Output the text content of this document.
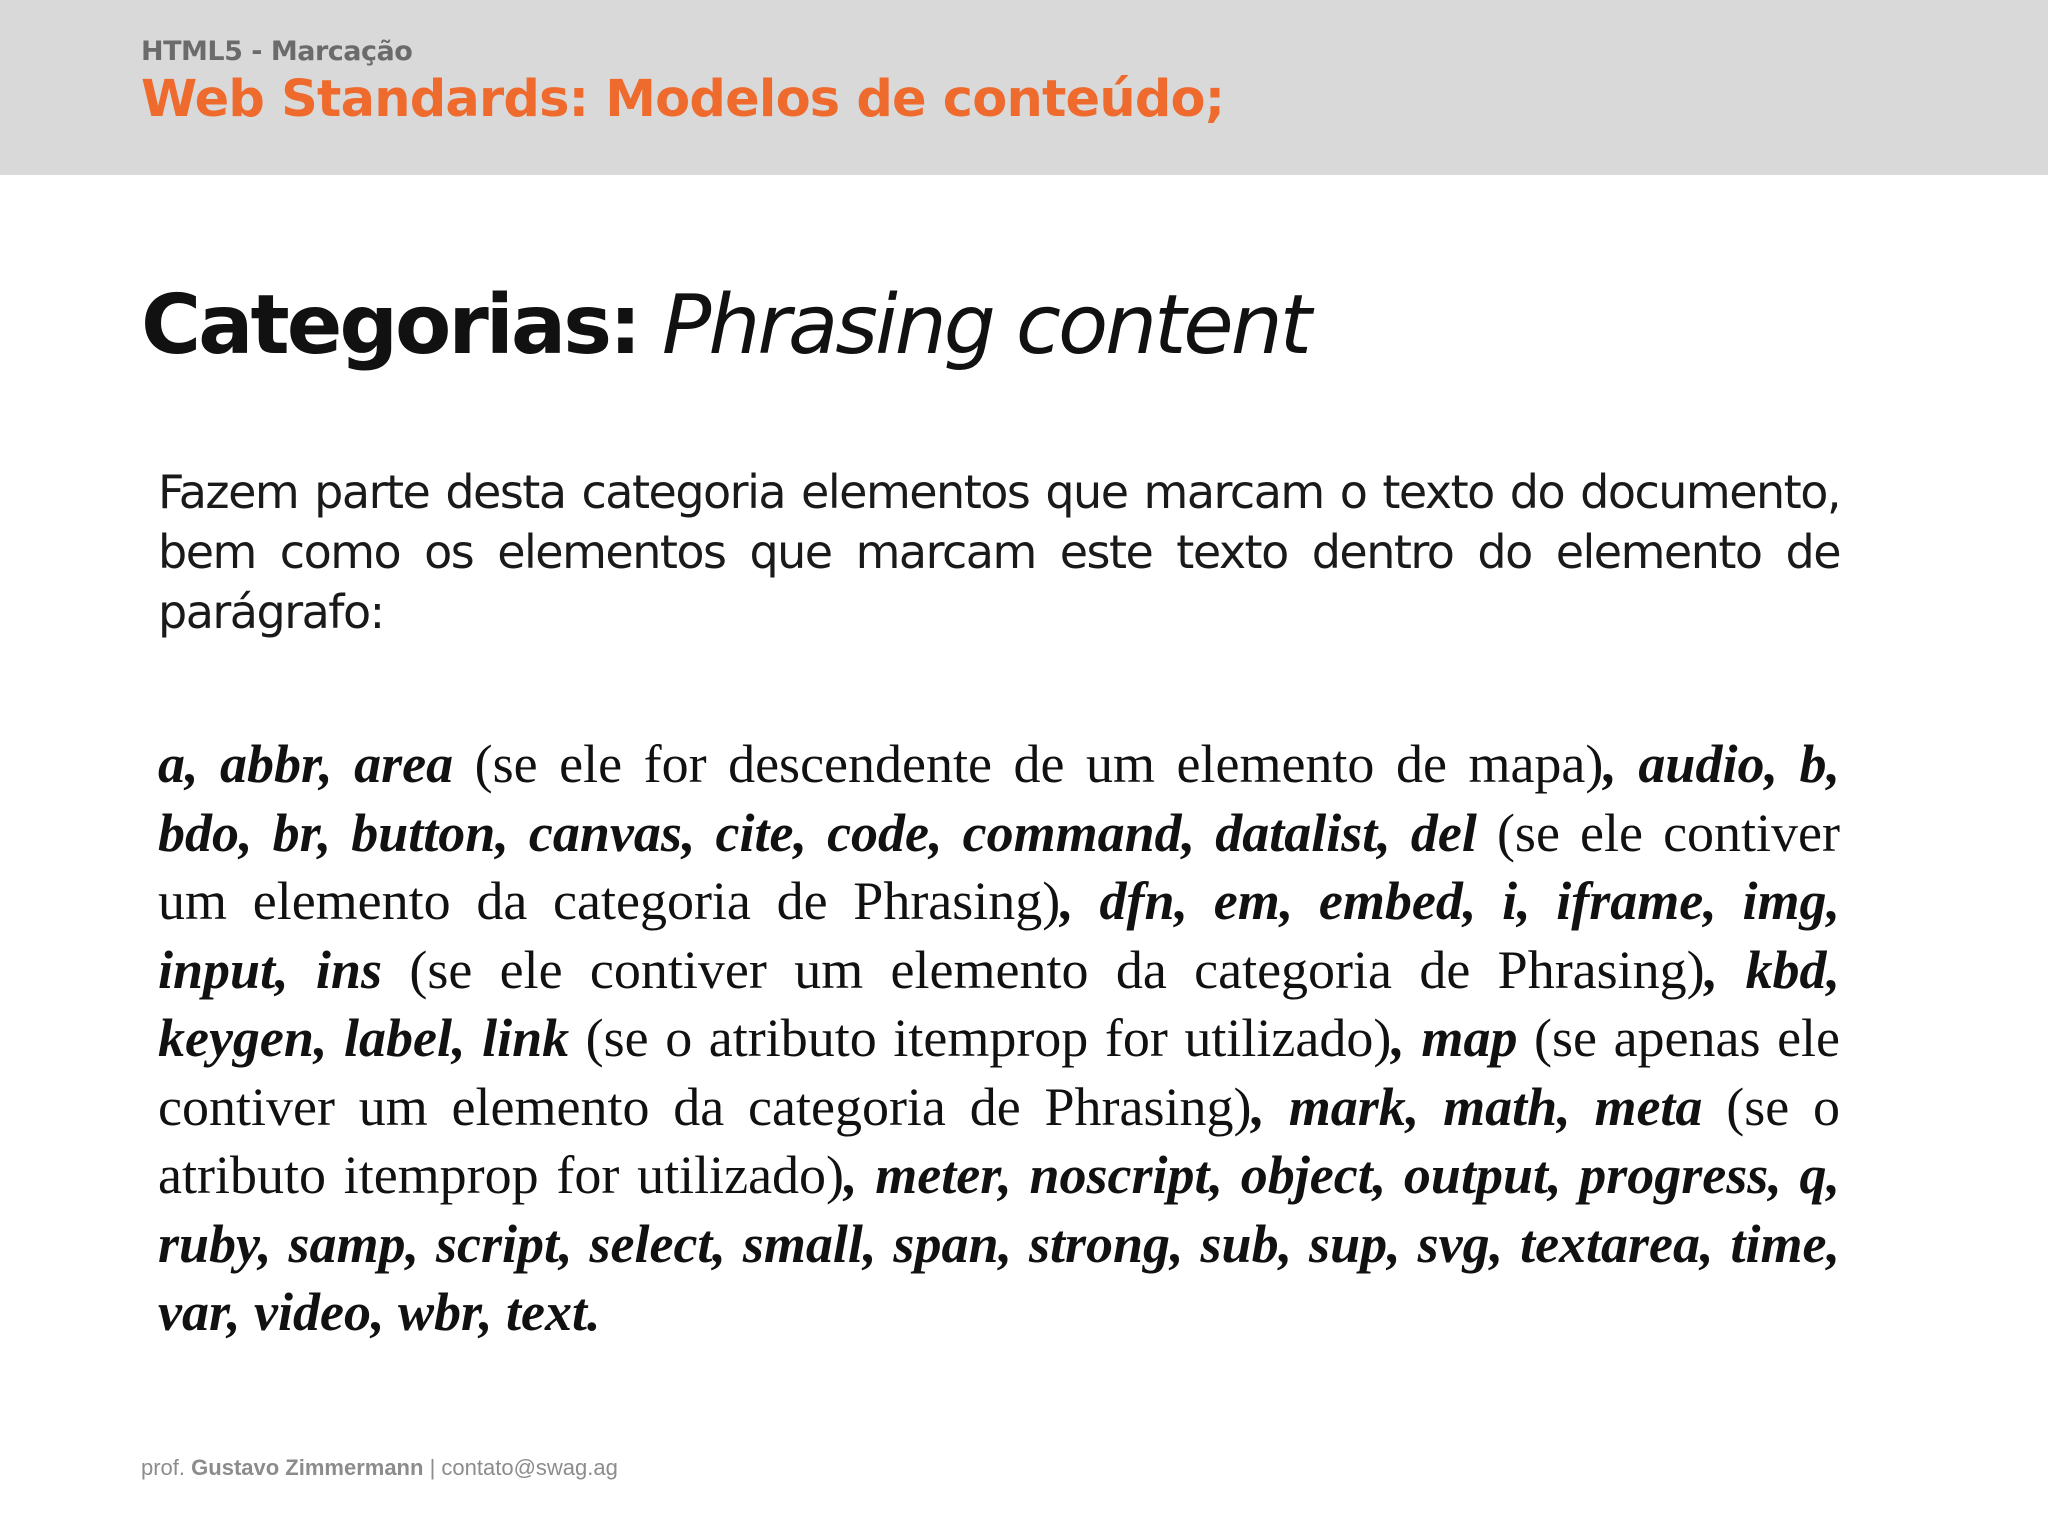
HTML5 - Marcação
Web Standards: Modelos de conteúdo;
Categorias: Phrasing content
Fazem parte desta categoria elementos que marcam o texto do documento, bem como os elementos que marcam este texto dentro do elemento de parágrafo:
a, abbr, area (se ele for descendente de um elemento de mapa), audio, b, bdo, br, button, canvas, cite, code, command, datalist, del (se ele contiver um elemento da categoria de Phrasing), dfn, em, embed, i, iframe, img, input, ins (se ele contiver um elemento da categoria de Phrasing), kbd, keygen, label, link (se o atributo itemprop for utilizado), map (se apenas ele contiver um elemento da categoria de Phrasing), mark, math, meta (se o atributo itemprop for utilizado), meter, noscript, object, output, progress, q, ruby, samp, script, select, small, span, strong, sub, sup, svg, textarea, time, var, video, wbr, text.
prof. Gustavo Zimmermann | contato@swag.ag
